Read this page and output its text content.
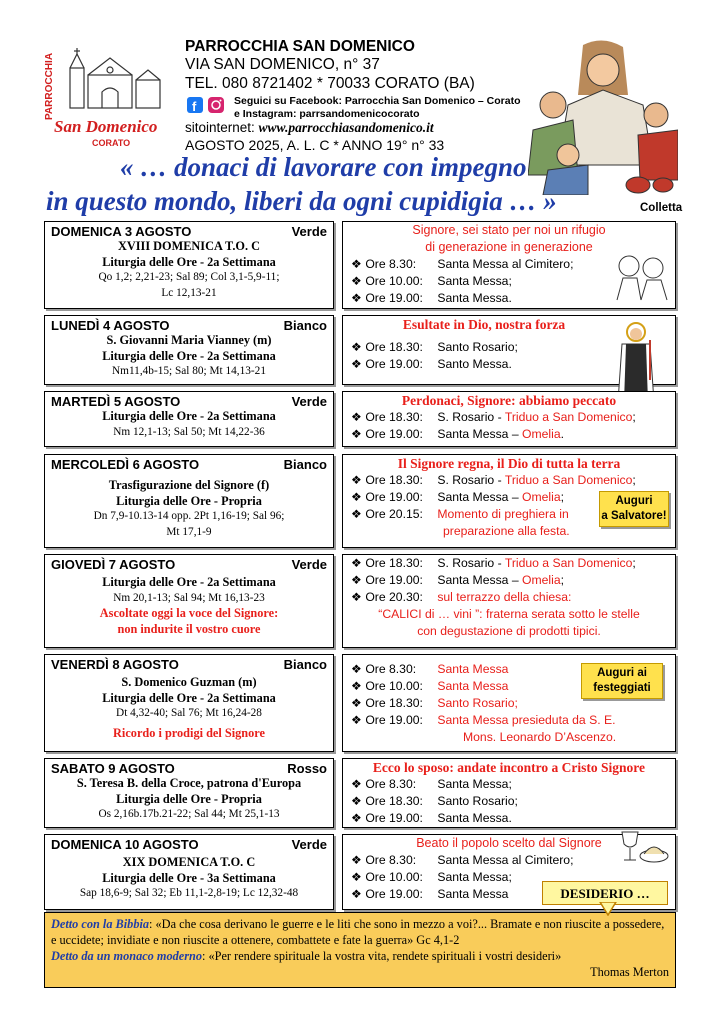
PARROCCHIA
San Domenico
CORATO
PARROCCHIA SAN DOMENICO
VIA SAN DOMENICO, n° 37
TEL. 080 8721402 * 70033 CORATO (BA)
f	Seguici su Facebook: Parrocchia San Domenico – Corato
e Instagram: parrsandomenicocorato
sitointernet: www.parrocchiasandomenico.it
AGOSTO 2025, A. L. C * ANNO 19° n° 33
« … donaci di lavorare con impegno
in questo mondo, liberi da ogni cupidigia … »	Colletta
DOMENICA 3 AGOSTO	Verde
XVIII DOMENICA T.O. C
Liturgia delle Ore - 2a Settimana
Qo 1,2; 2,21-23; Sal 89; Col 3,1-5,9-11;
Lc 12,13-21
Signore, sei stato per noi un rifugio
di generazione in generazione
❖ Ore 8.30: Santa Messa al Cimitero;
❖ Ore 10.00: Santa Messa;
❖ Ore 19.00: Santa Messa.
LUNEDÌ 4 AGOSTO	Bianco
S. Giovanni Maria Vianney (m)
Liturgia delle Ore - 2a Settimana
Nm11,4b-15; Sal 80; Mt 14,13-21
Esultate in Dio, nostra forza
❖ Ore 18.30: Santo Rosario;
❖ Ore 19.00: Santo Messa.
MARTEDÌ 5 AGOSTO	Verde
Liturgia delle Ore - 2a Settimana
Nm 12,1-13; Sal 50; Mt 14,22-36
Perdonaci, Signore: abbiamo peccato
❖ Ore 18.30: S. Rosario - Triduo a San Domenico;
❖ Ore 19.00: Santa Messa – Omelia.
MERCOLEDÌ 6 AGOSTO	Bianco
Trasfigurazione del Signore (f)
Liturgia delle Ore - Propria
Dn 7,9-10.13-14 opp. 2Pt 1,16-19; Sal 96;
Mt 17,1-9
Il Signore regna, il Dio di tutta la terra
❖ Ore 18.30: S. Rosario - Triduo a San Domenico;
❖ Ore 19.00: Santa Messa – Omelia;
❖ Ore 20.15: Momento di preghiera in
preparazione alla festa.
Auguri
a Salvatore!
GIOVEDÌ 7 AGOSTO	Verde
Liturgia delle Ore - 2a Settimana
Nm 20,1-13; Sal 94; Mt 16,13-23
Ascoltate oggi la voce del Signore:
non indurite il vostro cuore
❖ Ore 18.30: S. Rosario - Triduo a San Domenico;
❖ Ore 19.00: Santa Messa – Omelia;
❖ Ore 20.30: sul terrazzo della chiesa:
“CALICI di … vini ”: fraterna serata sotto le stelle
con degustazione di prodotti tipici.
VENERDÌ 8 AGOSTO	Bianco
S. Domenico Guzman (m)
Liturgia delle Ore - 2a Settimana
Dt 4,32-40; Sal 76; Mt 16,24-28
Ricordo i prodigi del Signore
❖ Ore 8.30: Santa Messa
❖ Ore 10.00: Santa Messa
❖ Ore 18.30: Santo Rosario;
❖ Ore 19.00: Santa Messa presieduta da S. E.
Mons. Leonardo D’Ascenzo.
Auguri ai
festeggiati
SABATO 9 AGOSTO	Rosso
S. Teresa B. della Croce, patrona d'Europa
Liturgia delle Ore - Propria
Os 2,16b.17b.21-22; Sal 44; Mt 25,1-13
Ecco lo sposo: andate incontro a Cristo Signore
❖ Ore 8.30: Santa Messa;
❖ Ore 18.30: Santo Rosario;
❖ Ore 19.00: Santa Messa.
DOMENICA 10 AGOSTO	Verde
XIX DOMENICA T.O. C
Liturgia delle Ore - 3a Settimana
Sap 18,6-9; Sal 32; Eb 11,1-2,8-19; Lc 12,32-48
Beato il popolo scelto dal Signore
❖ Ore 8.30: Santa Messa al Cimitero;
❖ Ore 10.00: Santa Messa;
❖ Ore 19.00: Santa Messa
Detto con la Bibbia: «Da che cosa derivano le guerre e le liti che sono in mezzo a voi?... Bramate e non riuscite a possedere, e uccidete; invidiate e non riuscite a ottenere, combattete e fate la guerra» Gc 4,1-2
Detto da un monaco moderno: «Per rendere spirituale la vostra vita, rendete spirituali i vostri desideri»
Thomas Merton
DESIDERIO …
